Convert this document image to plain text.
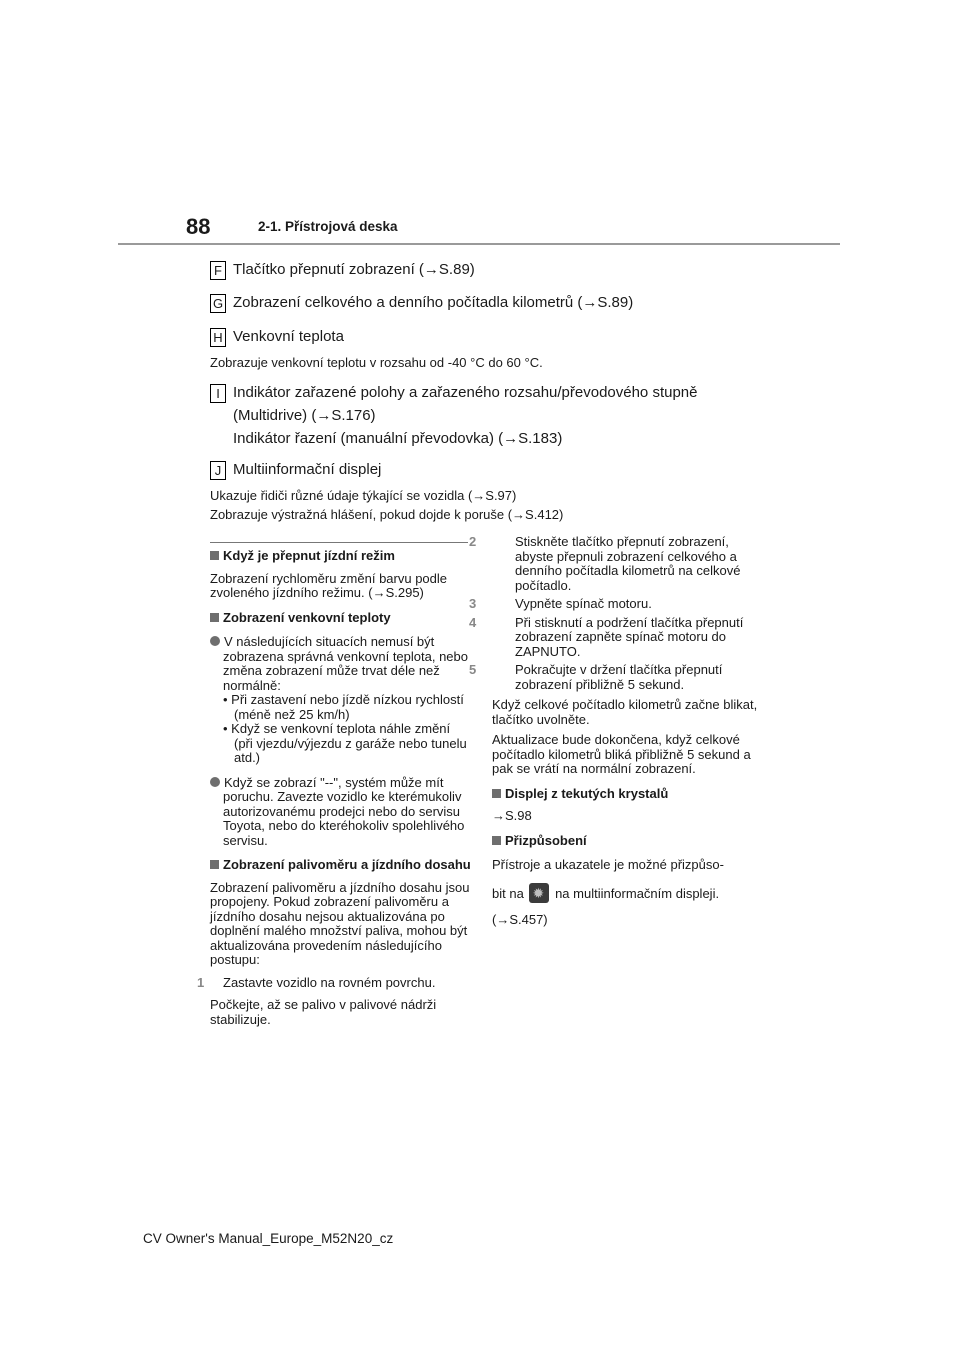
88	2-1. Přístrojová deska
F Tlačítko přepnutí zobrazení (→S.89)
G Zobrazení celkového a denního počítadla kilometrů (→S.89)
H Venkovní teplota
Zobrazuje venkovní teplotu v rozsahu od -40 °C do 60 °C.
I Indikátor zařazené polohy a zařazeného rozsahu/převodového stupně
(Multidrive) (→S.176)
Indikátor řazení (manuální převodovka) (→S.183)
J Multiinformační displej
Ukazuje řidiči různé údaje týkající se vozidla (→S.97)
Zobrazuje výstražná hlášení, pokud dojde k poruše (→S.412)

Když je přepnut jízdní režim

Zobrazení rychloměru změní barvu podle zvoleného jízdního režimu. (→S.295)

Zobrazení venkovní teploty

V následujících situacích nemusí být zobrazena správná venkovní teplota, nebo změna zobrazení může trvat déle než normálně:

• Při zastavení nebo jízdě nízkou rychlostí (méně než 25 km/h)

• Když se venkovní teplota náhle změní (při vjezdu/výjezdu z garáže nebo tunelu atd.)

Když se zobrazí "--", systém může mít poruchu. Zavezte vozidlo ke kterémukoliv autorizovanému prodejci nebo do servisu Toyota, nebo do kteréhokoliv spolehlivého servisu.

Zobrazení palivoměru a jízdního dosahu

Zobrazení palivoměru a jízdního dosahu jsou propojeny. Pokud zobrazení palivoměru a jízdního dosahu nejsou aktualizována po doplnění malého množství paliva, mohou být aktualizována provedením následujícího postupu:

1 Zastavte vozidlo na rovném povrchu.

Počkejte, až se palivo v palivové nádrži stabilizuje.

2	Stiskněte tlačítko přepnutí zobrazení, abyste přepnuli zobrazení celkového a denního počítadla kilometrů na celkové počítadlo.

3	Vypněte spínač motoru.

4	Při stisknutí a podržení tlačítka přepnutí zobrazení zapněte spínač motoru do ZAPNUTO.

5	Pokračujte v držení tlačítka přepnutí zobrazení přibližně 5 sekund.

Když celkové počítadlo kilometrů začne blikat, tlačítko uvolněte.

Aktualizace bude dokončena, když celkové počítadlo kilometrů bliká přibližně 5 sekund a pak se vrátí na normální zobrazení.

Displej z tekutých krystalů

→S.98

Přizpůsobení

Přístroje a ukazatele je možné přizpůso-

bit na ✹ na multiinformačním displeji.

(→S.457)

CV Owner's Manual_Europe_M52N20_cz
